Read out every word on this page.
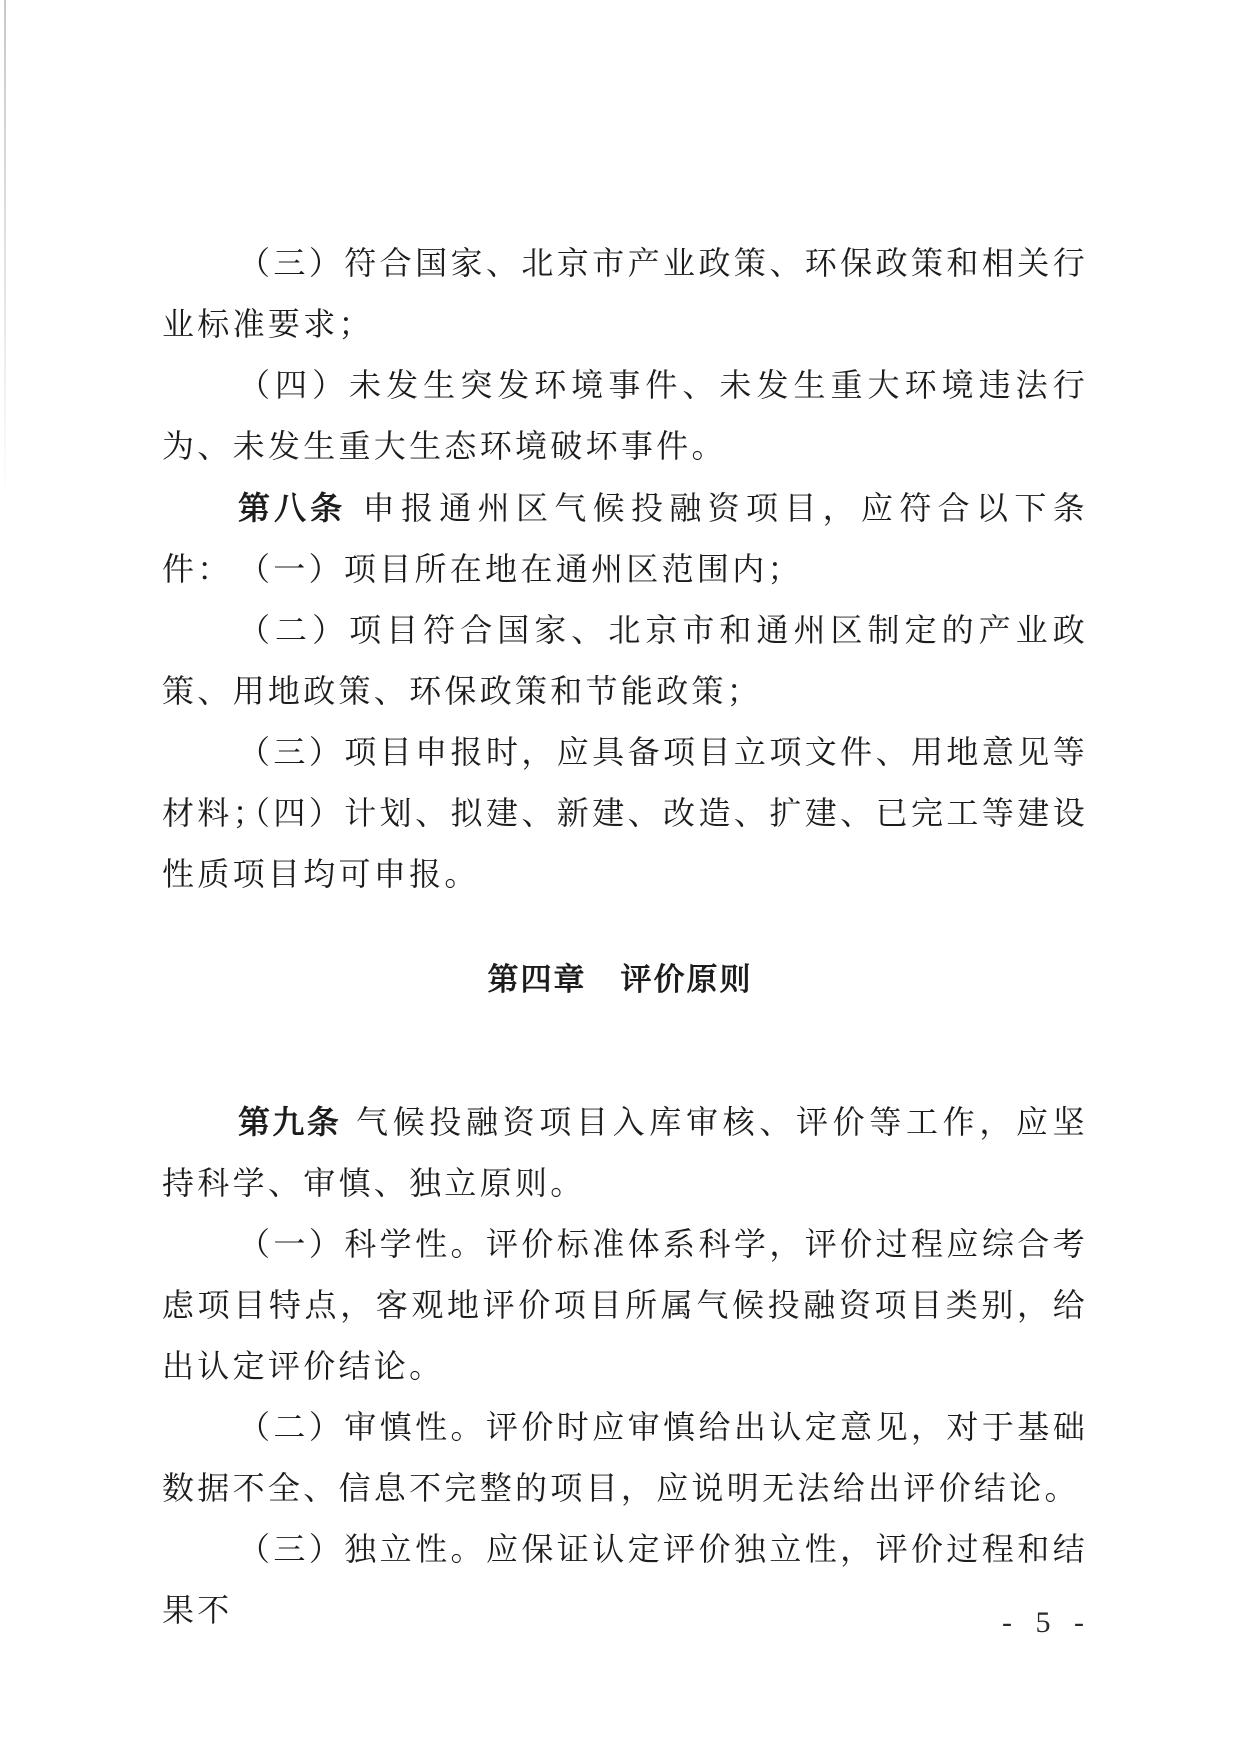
（三）符合国家、北京市产业政策、环保政策和相关行业标准要求；

（四）未发生突发环境事件、未发生重大环境违法行为、未发生重大生态环境破坏事件。

第八条 申报通州区气候投融资项目，应符合以下条件： （一）项目所在地在通州区范围内；

（二）项目符合国家、北京市和通州区制定的产业政策、用地政策、环保政策和节能政策；

（三）项目申报时，应具备项目立项文件、用地意见等材料；

（四）计划、拟建、新建、改造、扩建、已完工等建设性质项目均可申报。

第四章 评价原则

第九条 气候投融资项目入库审核、评价等工作，应坚持科学、审慎、独立原则。

（一）科学性。评价标准体系科学，评价过程应综合考虑项目特点，客观地评价项目所属气候投融资项目类别，给出认定评价结论。

（二）审慎性。评价时应审慎给出认定意见，对于基础数据不全、信息不完整的项目，应说明无法给出评价结论。

（三）独立性。应保证认定评价独立性，评价过程和结果不	- 5 -
